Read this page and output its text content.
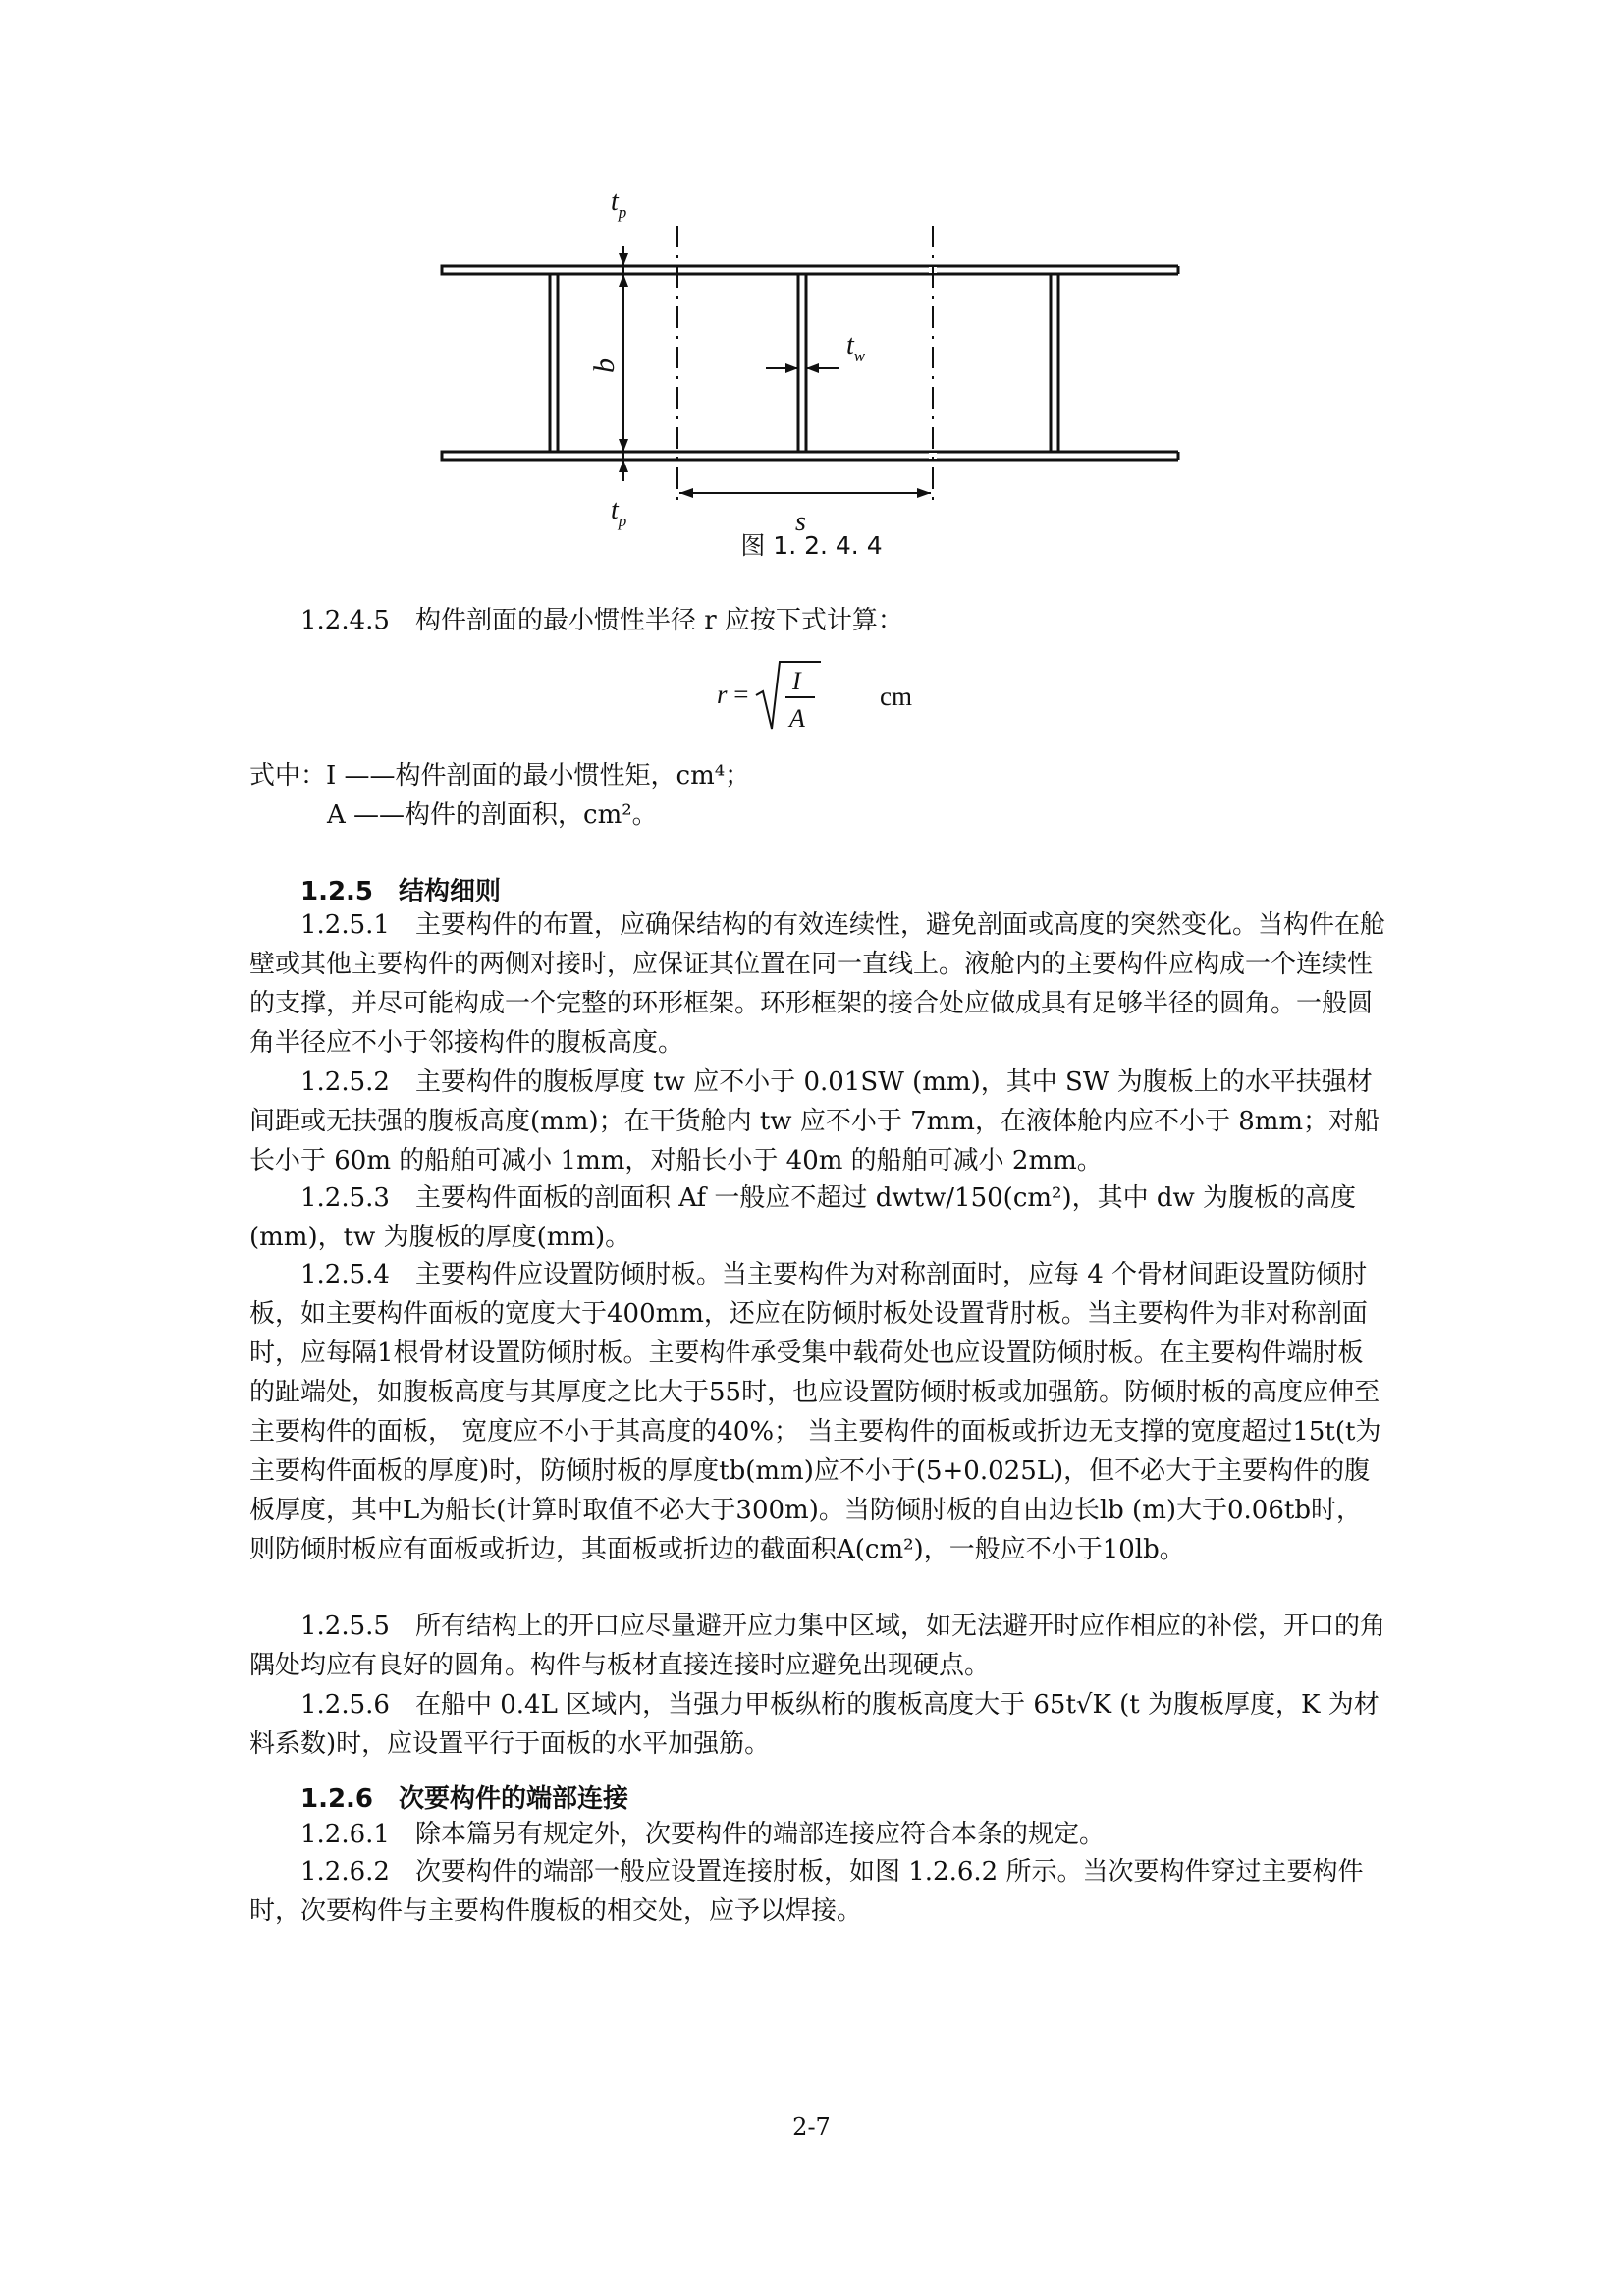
$t_p$
b
$t_w$
s
$t_p$
图 1. 2. 4. 4

1.2.4.5　构件剖面的最小惯性半径 r 应按下式计算：

r = I
A
cm

式中：I ——构件剖面的最小惯性矩，cm⁴；

A ——构件的剖面积，cm²。

1.2.5　结构细则

1.2.5.1　主要构件的布置，应确保结构的有效连续性，避免剖面或高度的突然变化。当构件在舱壁或其他主要构件的两侧对接时，应保证其位置在同一直线上。液舱内的主要构件应构成一个连续性的支撑，并尽可能构成一个完整的环形框架。环形框架的接合处应做成具有足够半径的圆角。一般圆角半径应不小于邻接构件的腹板高度。

1.2.5.2　主要构件的腹板厚度 tw 应不小于 0.01SW (mm)，其中 SW 为腹板上的水平扶强材间距或无扶强的腹板高度(mm)；在干货舱内 tw 应不小于 7mm，在液体舱内应不小于 8mm；对船长小于 60m 的船舶可减小 1mm，对船长小于 40m 的船舶可减小 2mm。

1.2.5.3　主要构件面板的剖面积 Af 一般应不超过 dwtw/150(cm²)，其中 dw 为腹板的高度(mm)，tw 为腹板的厚度(mm)。

1.2.5.4　主要构件应设置防倾肘板。当主要构件为对称剖面时，应每 4 个骨材间距设置防倾肘板，如主要构件面板的宽度大于400mm，还应在防倾肘板处设置背肘板。当主要构件为非对称剖面时，应每隔1根骨材设置防倾肘板。主要构件承受集中载荷处也应设置防倾肘板。在主要构件端肘板的趾端处，如腹板高度与其厚度之比大于55时，也应设置防倾肘板或加强筋。防倾肘板的高度应伸至主要构件的面板， 宽度应不小于其高度的40%； 当主要构件的面板或折边无支撑的宽度超过15t(t为主要构件面板的厚度)时，防倾肘板的厚度tb(mm)应不小于(5+0.025L)，但不必大于主要构件的腹板厚度，其中L为船长(计算时取值不必大于300m)。当防倾肘板的自由边长lb (m)大于0.06tb时，则防倾肘板应有面板或折边，其面板或折边的截面积A(cm²)，一般应不小于10lb。

1.2.5.5　所有结构上的开口应尽量避开应力集中区域，如无法避开时应作相应的补偿，开口的角隅处均应有良好的圆角。构件与板材直接连接时应避免出现硬点。

1.2.5.6　在船中 0.4L 区域内，当强力甲板纵桁的腹板高度大于 65t√K (t 为腹板厚度，K 为材料系数)时，应设置平行于面板的水平加强筋。

1.2.6　次要构件的端部连接

1.2.6.1　除本篇另有规定外，次要构件的端部连接应符合本条的规定。

1.2.6.2　次要构件的端部一般应设置连接肘板，如图 1.2.6.2 所示。当次要构件穿过主要构件时，次要构件与主要构件腹板的相交处，应予以焊接。

2-7
